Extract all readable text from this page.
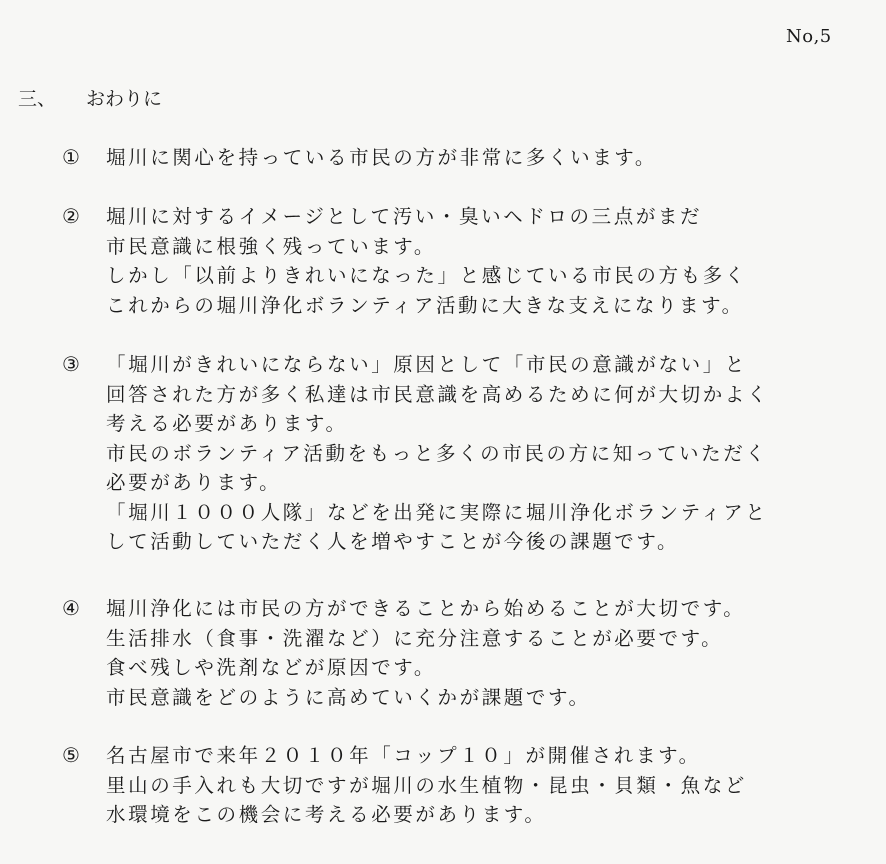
No,5
三、 おわりに
① 堀川に関心を持っている市民の方が非常に多くいます。
② 堀川に対するイメージとして汚い・臭いヘドロの三点がまだ
市民意識に根強く残っています。
しかし「以前よりきれいになった」と感じている市民の方も多く
これからの堀川浄化ボランティア活動に大きな支えになります。
③ 「堀川がきれいにならない」原因として「市民の意識がない」と
回答された方が多く私達は市民意識を高めるために何が大切かよく
考える必要があります。
市民のボランティア活動をもっと多くの市民の方に知っていただく
必要があります。
「堀川１０００人隊」などを出発に実際に堀川浄化ボランティアと
して活動していただく人を増やすことが今後の課題です。
④ 堀川浄化には市民の方ができることから始めることが大切です。
生活排水（食事・洗濯など）に充分注意することが必要です。
食べ残しや洗剤などが原因です。
市民意識をどのように高めていくかが課題です。
⑤ 名古屋市で来年２０１０年「コップ１０」が開催されます。
里山の手入れも大切ですが堀川の水生植物・昆虫・貝類・魚など
水環境をこの機会に考える必要があります。
